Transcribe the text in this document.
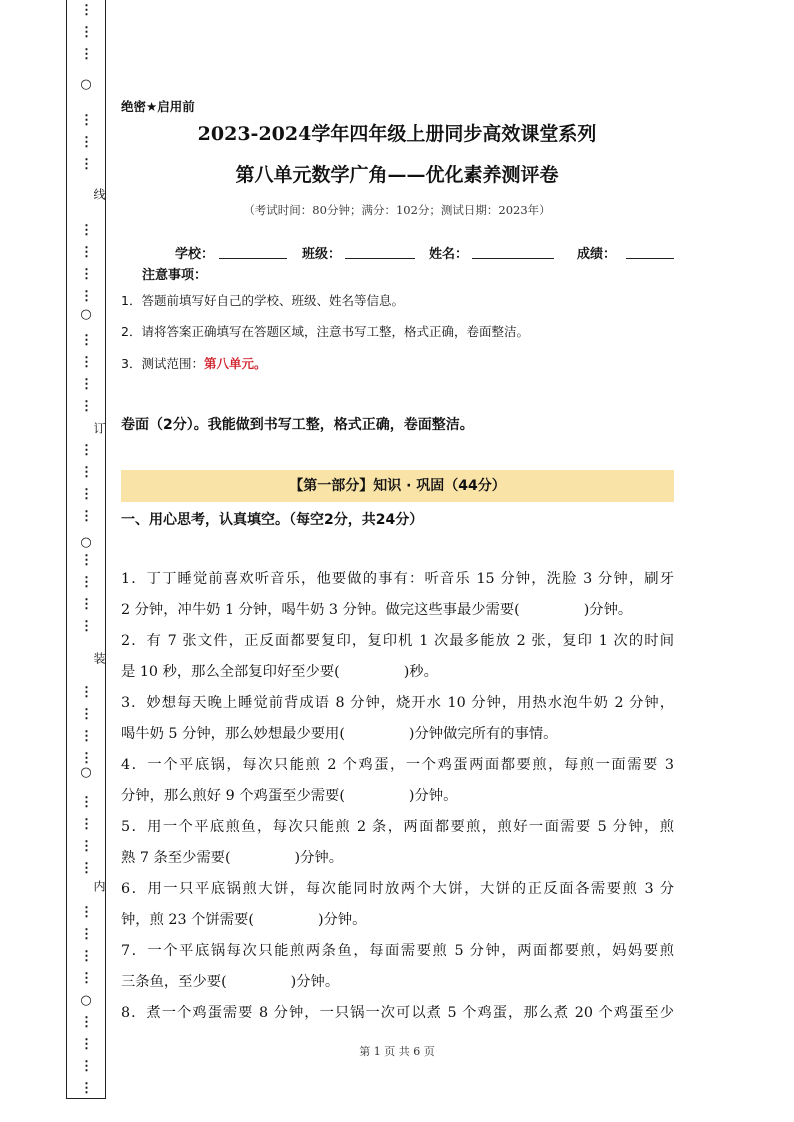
⋮
⋮
⋮
⋮
⋮
⋮
⋮
⋮
⋮
⋮
⋮
⋮
⋮
⋮
⋮
⋮
⋮
⋮
⋮
⋮
⋮
⋮
⋮
⋮
⋮
⋮
⋮
⋮
⋮
⋮
⋮
⋮
⋮
⋮
⋮
⋮
⋮
⋮
○
○
○
○
○
线
订
装
内
绝密★启用前
2023-2024学年四年级上册同步高效课堂系列
第八单元数学广角——优化素养测评卷
（考试时间：80分钟；满分：102分；测试日期：2023年）
学校：	班级：	姓名：	成绩：
注意事项：
1．答题前填写好自己的学校、班级、姓名等信息。
2．请将答案正确填写在答题区域，注意书写工整，格式正确，卷面整洁。
3．测试范围：第八单元。
卷面（2分）。我能做到书写工整，格式正确，卷面整洁。
【第一部分】知识 · 巩固（44分）
一、用心思考，认真填空。（每空2分，共24分）
1．丁丁睡觉前喜欢听音乐，他要做的事有：听音乐 15 分钟，洗脸 3 分钟，刷牙
2 分钟，冲牛奶 1 分钟，喝牛奶 3 分钟。做完这些事最少需要(	)分钟。
2．有 7 张文件，正反面都要复印，复印机 1 次最多能放 2 张，复印 1 次的时间
是 10 秒，那么全部复印好至少要(	)秒。
3．妙想每天晚上睡觉前背成语 8 分钟，烧开水 10 分钟，用热水泡牛奶 2 分钟，
喝牛奶 5 分钟，那么妙想最少要用(	)分钟做完所有的事情。
4．一个平底锅，每次只能煎 2 个鸡蛋，一个鸡蛋两面都要煎，每煎一面需要 3
分钟，那么煎好 9 个鸡蛋至少需要(	)分钟。
5．用一个平底煎鱼，每次只能煎 2 条，两面都要煎，煎好一面需要 5 分钟，煎
熟 7 条至少需要(	)分钟。
6．用一只平底锅煎大饼，每次能同时放两个大饼，大饼的正反面各需要煎 3 分
钟，煎 23 个饼需要(	)分钟。
7．一个平底锅每次只能煎两条鱼，每面需要煎 5 分钟，两面都要煎，妈妈要煎
三条鱼，至少要(	)分钟。
8．煮一个鸡蛋需要 8 分钟，一只锅一次可以煮 5 个鸡蛋，那么煮 20 个鸡蛋至少
第 1 页 共 6 页
